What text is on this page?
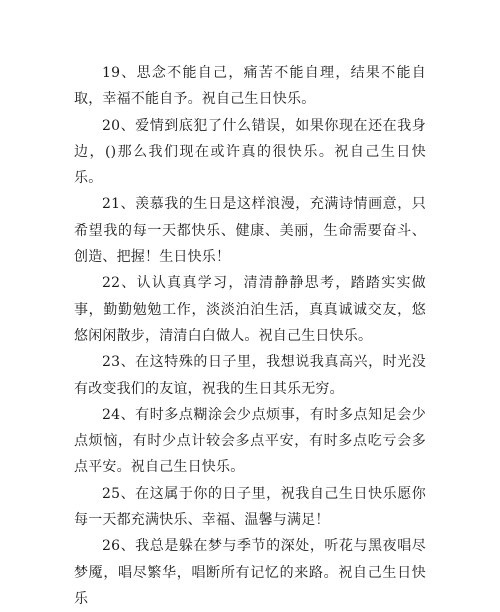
19、思念不能自己，痛苦不能自理，结果不能自取，幸福不能自予。祝自己生日快乐。

20、爱情到底犯了什么错误，如果你现在还在我身边，()那么我们现在或许真的很快乐。祝自己生日快乐。

21、羡慕我的生日是这样浪漫，充满诗情画意，只希望我的每一天都快乐、健康、美丽，生命需要奋斗、创造、把握！生日快乐！

22、认认真真学习，清清静静思考，踏踏实实做事，勤勤勉勉工作，淡淡泊泊生活，真真诚诚交友，悠悠闲闲散步，清清白白做人。祝自己生日快乐。

23、在这特殊的日子里，我想说我真高兴，时光没有改变我们的友谊，祝我的生日其乐无穷。

24、有时多点糊涂会少点烦事，有时多点知足会少点烦恼，有时少点计较会多点平安，有时多点吃亏会多点平安。祝自己生日快乐。

25、在这属于你的日子里，祝我自己生日快乐愿你每一天都充满快乐、幸福、温馨与满足！

26、我总是躲在梦与季节的深处，听花与黑夜唱尽梦魇，唱尽繁华，唱断所有记忆的来路。祝自己生日快乐
